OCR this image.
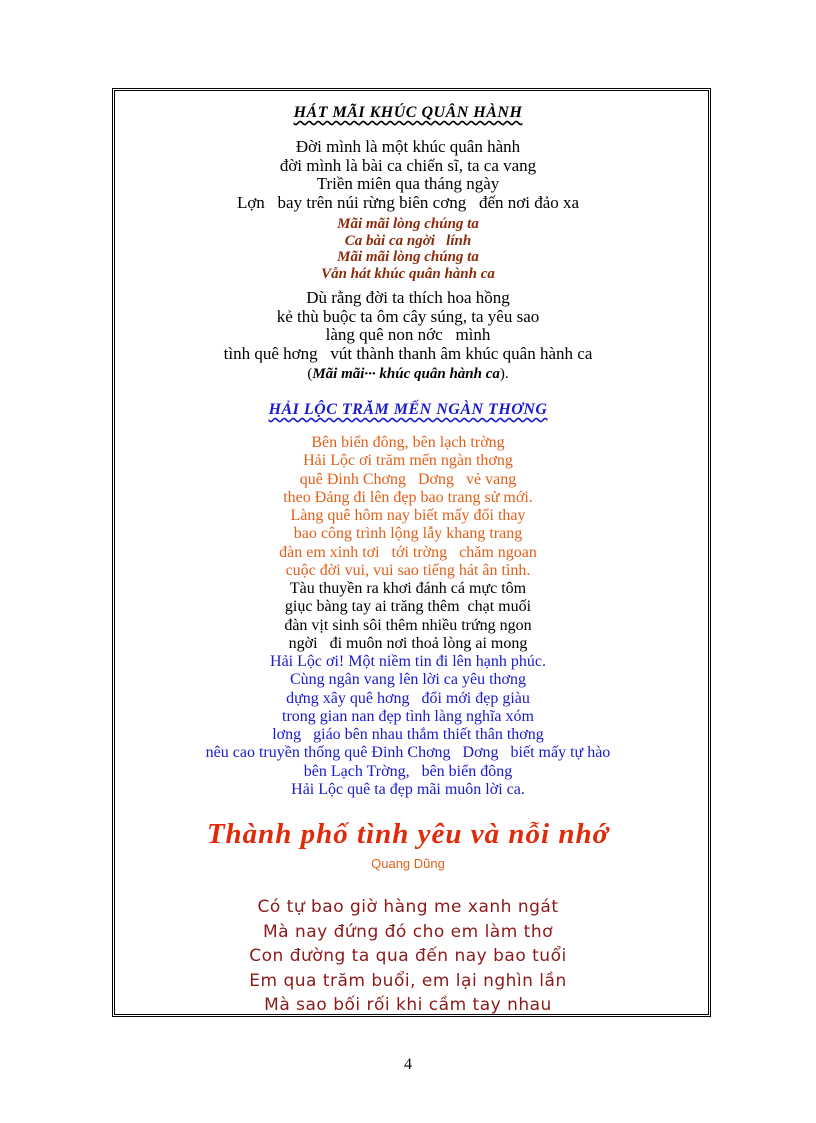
HÁT MÃI KHÚC QUÂN HÀNH
Đời mình là một khúc quân hành
đời mình là bài ca chiến sĩ, ta ca vang
Triền miên qua tháng ngày
Lợn   bay trên núi rừng biên cơng   đến nơi đảo xa
Mãi mãi lòng chúng ta
Ca bài ca ngời   lính
Mãi mãi lòng chúng ta
Vẫn hát khúc quân hành ca
Dù rằng đời ta thích hoa hồng
kẻ thù buộc ta ôm cây súng, ta yêu sao
làng quê non nớc   mình
tình quê hơng   vút thành thanh âm khúc quân hành ca
(Mãi mãi··· khúc quân hành ca).
HẢI LỘC TRĂM MẾN NGÀN THƠNG
Bên biển đông, bên lạch trờng
Hải Lộc ơi trăm mến ngàn thơng
quê Đinh Chơng   Dơng   vẻ vang
theo Đảng đi lên đẹp bao trang sử mới.
Làng quê hôm nay biết mấy đổi thay
bao công trình lộng lẫy khang trang
đàn em xinh tơi   tới trờng   chăm ngoan
cuộc đời vui, vui sao tiếng hát ân tình.
Tàu thuyền ra khơi đánh cá mực tôm
giục bàng tay ai trăng thêm  chạt muối
đàn vịt sinh sôi thêm nhiều trứng ngon
ngời   đi muôn nơi thoả lòng ai mong
Hải Lộc ơi! Một niềm tin đi lên hạnh phúc.
Cùng ngân vang lên lời ca yêu thơng
dựng xây quê hơng   đổi mới đẹp giàu
trong gian nan đẹp tình làng nghĩa xóm
lơng   giáo bên nhau thắm thiết thân thơng
nêu cao truyền thống quê Đinh Chơng   Dơng   biết mấy tự hào
bên Lạch Trờng,   bên biển đông
Hải Lộc quê ta đẹp mãi muôn lời ca.
Thành phố tình yêu và nỗi nhớ
Quang Dũng
Có tự bao giờ hàng me xanh ngát
Mà nay đứng đó cho em làm thơ
Con đường ta qua đến nay bao tuổi
Em qua trăm buổi, em lại nghìn lần
Mà sao bối rối khi cầm tay nhau
4
